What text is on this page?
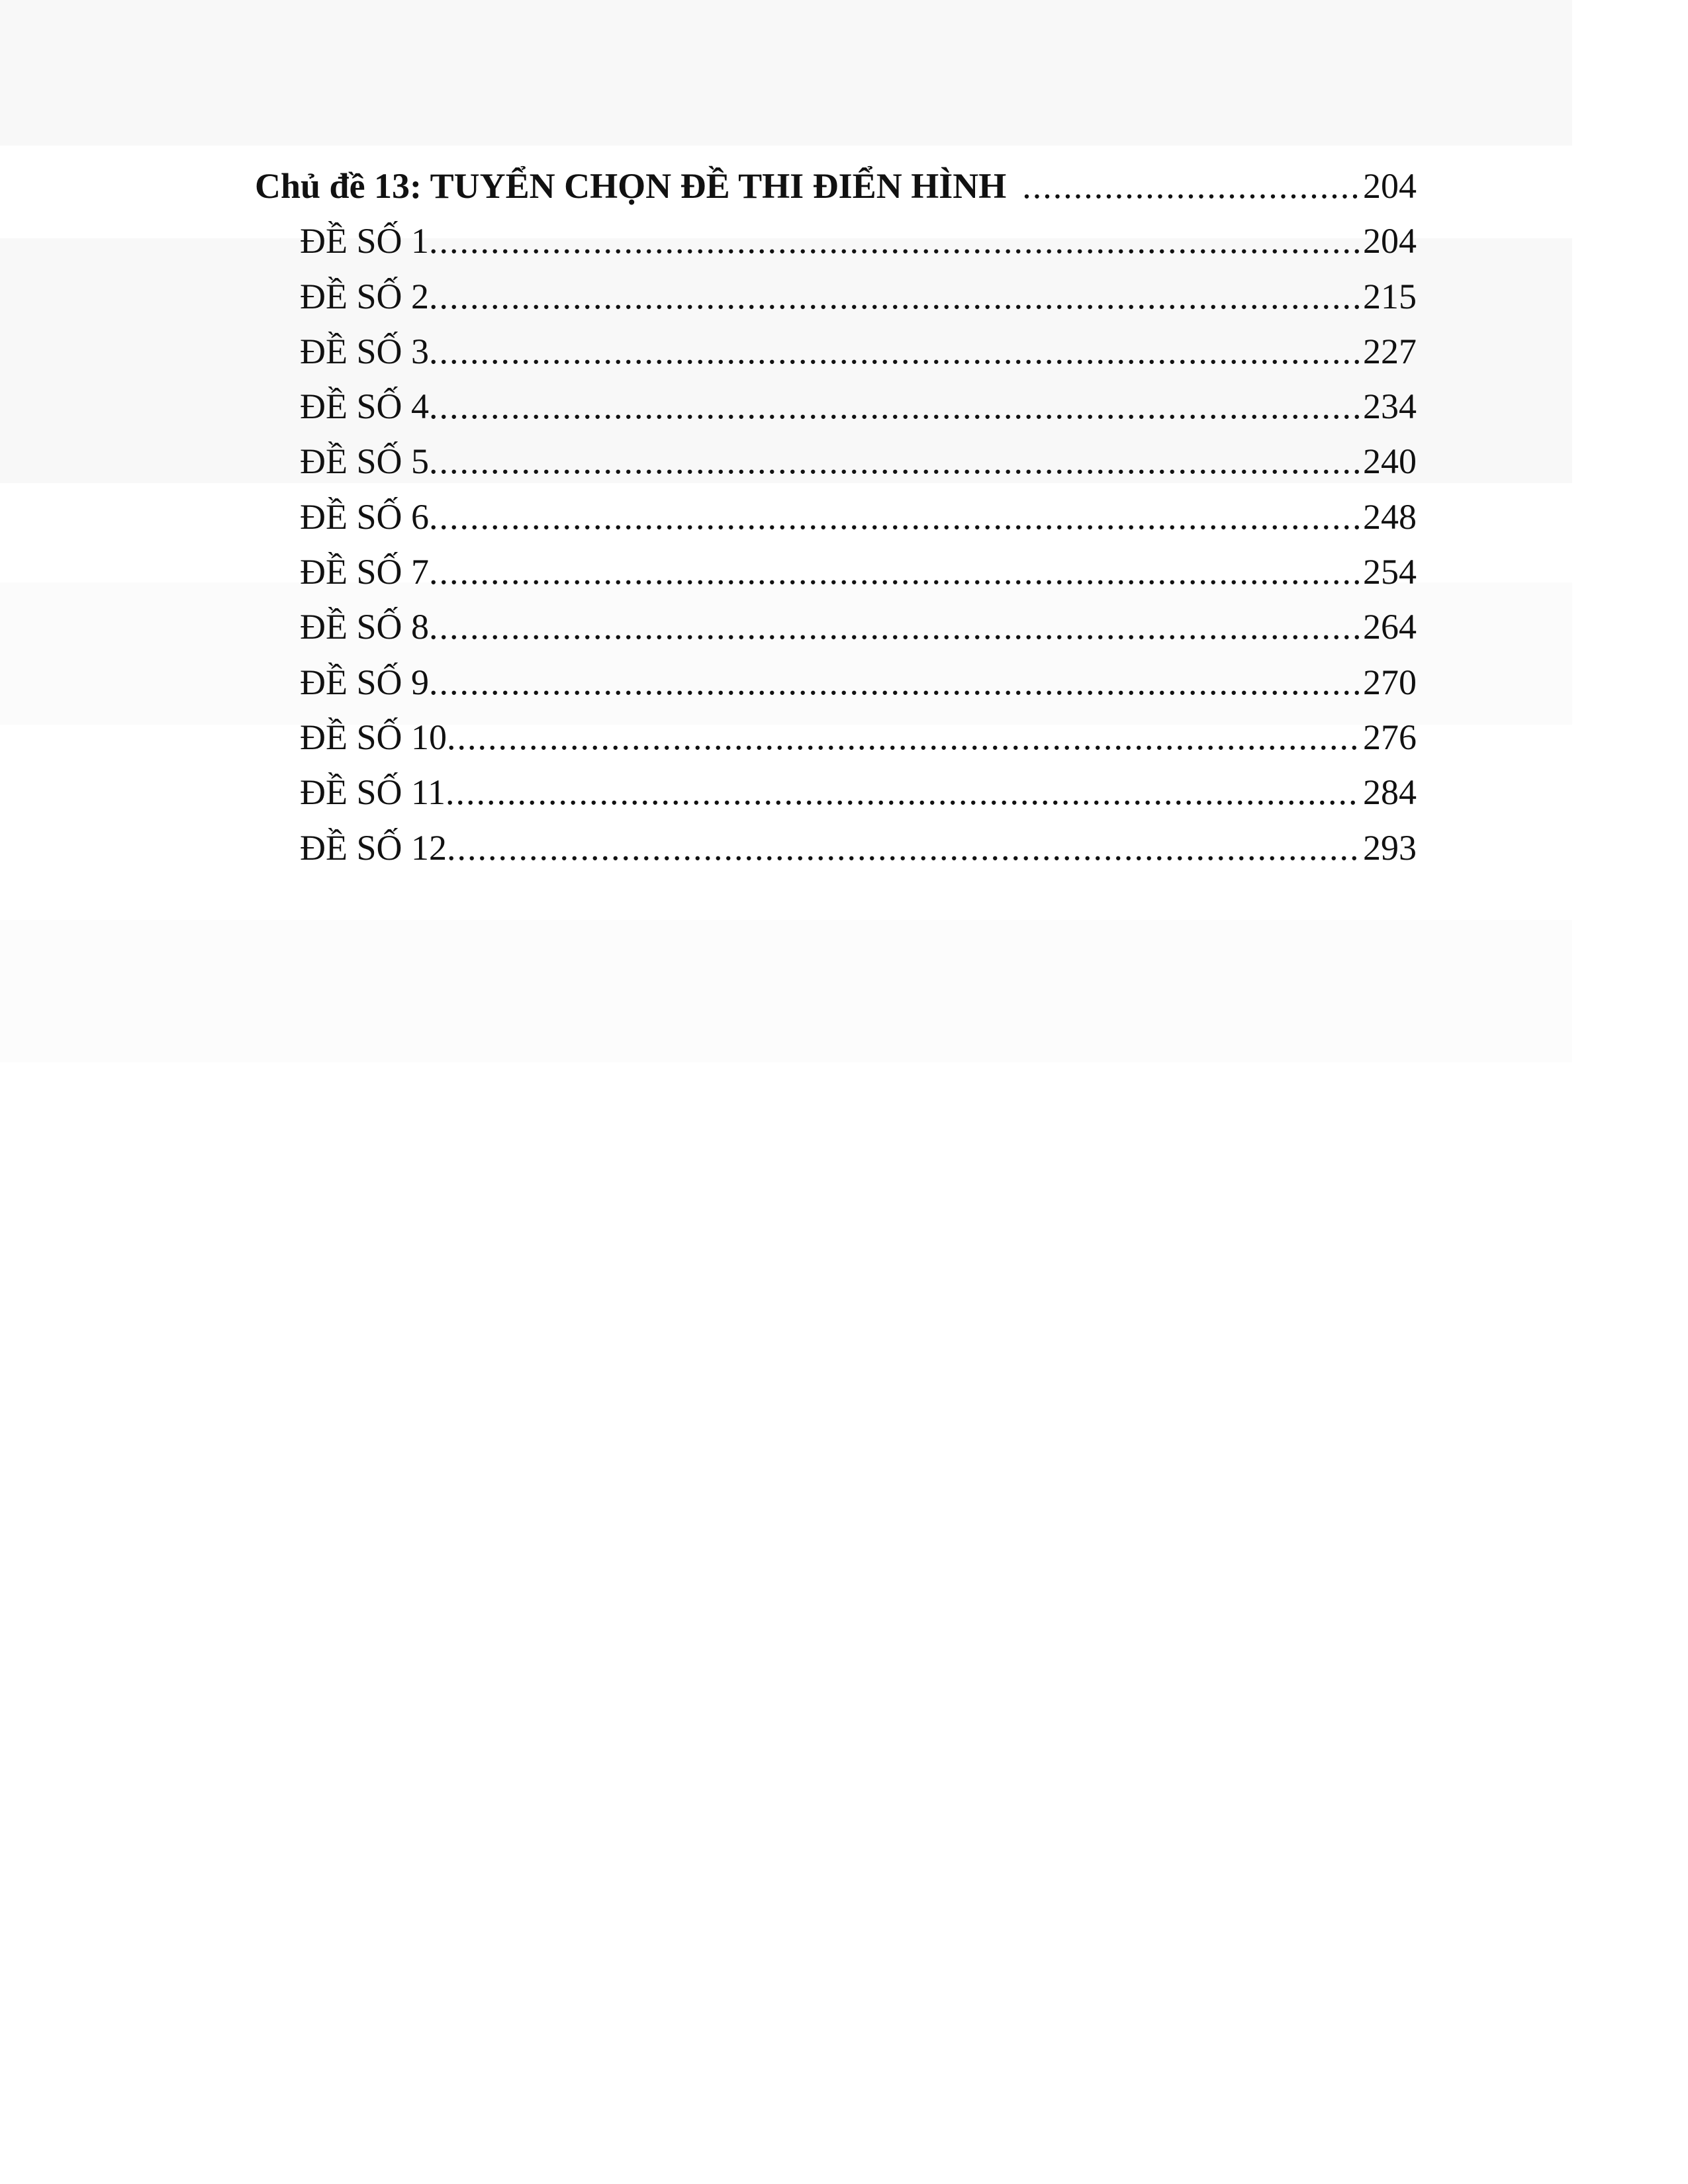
Chủ đề 13: TUYỂN CHỌN ĐỀ THI ĐIỂN HÌNH .....	204
ĐỀ SỐ 1 .....	204
ĐỀ SỐ 2 .....	215
ĐỀ SỐ 3 .....	227
ĐỀ SỐ 4 .....	234
ĐỀ SỐ 5 .....	240
ĐỀ SỐ 6 .....	248
ĐỀ SỐ 7 .....	254
ĐỀ SỐ 8 .....	264
ĐỀ SỐ 9 .....	270
ĐỀ SỐ 10 .....	276
ĐỀ SỐ 11 .....	284
ĐỀ SỐ 12 .....	293
